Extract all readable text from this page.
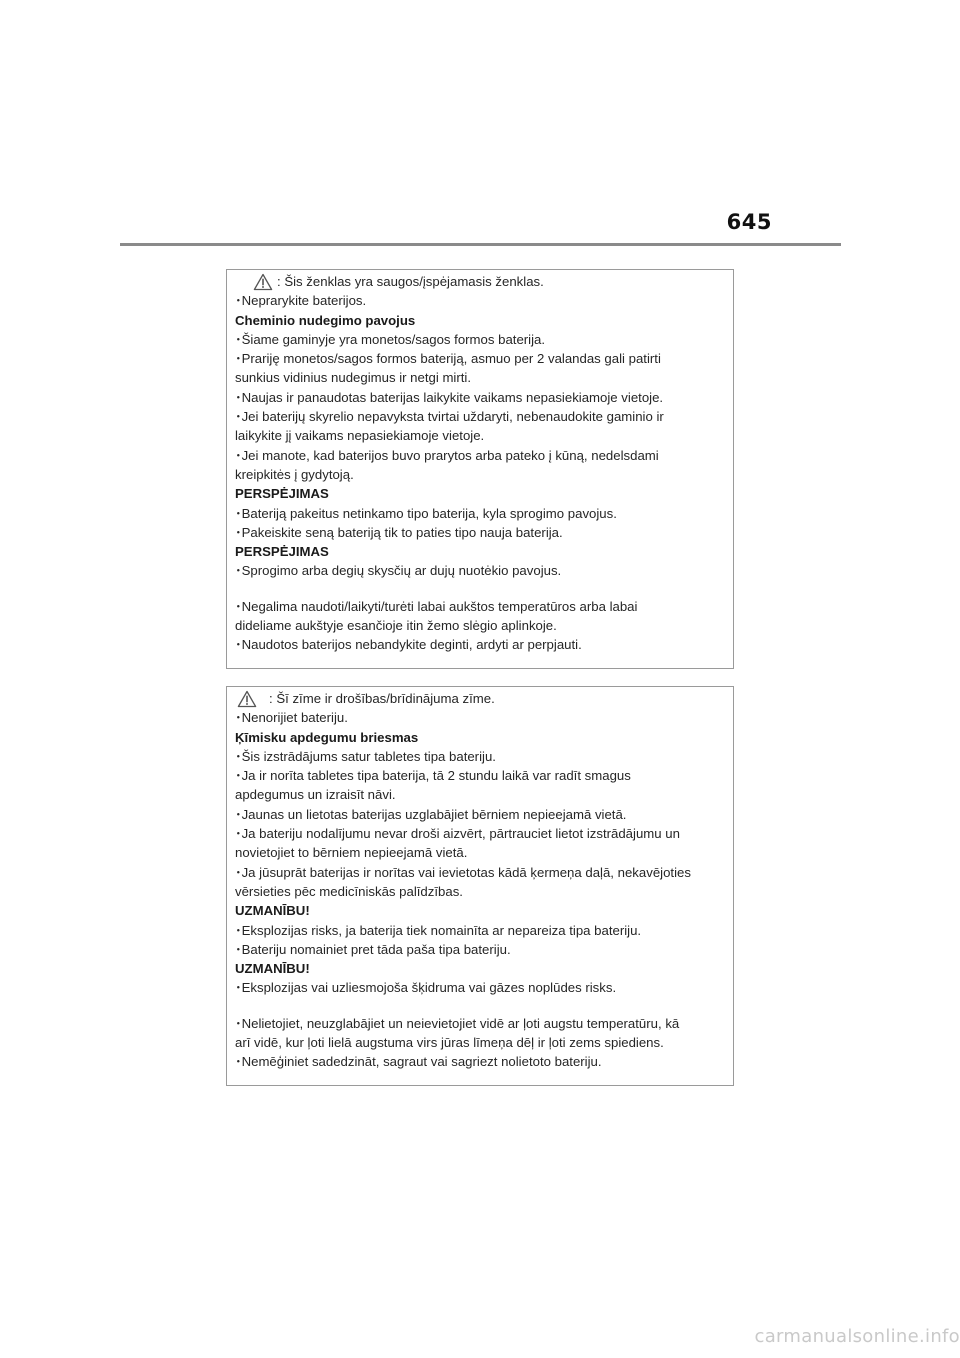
645
: Šis ženklas yra saugos/įspėjamasis ženklas.
･Neprarykite baterijos.
Cheminio nudegimo pavojus
･Šiame gaminyje yra monetos/sagos formos baterija.
･Prariję monetos/sagos formos bateriją, asmuo per 2 valandas gali patirti
sunkius vidinius nudegimus ir netgi mirti.
･Naujas ir panaudotas baterijas laikykite vaikams nepasiekiamoje vietoje.
･Jei baterijų skyrelio nepavyksta tvirtai uždaryti, nebenaudokite gaminio ir
laikykite jį vaikams nepasiekiamoje vietoje.
･Jei manote, kad baterijos buvo prarytos arba pateko į kūną, nedelsdami
kreipkitės į gydytoją.
PERSPĖJIMAS
･Bateriją pakeitus netinkamo tipo baterija, kyla sprogimo pavojus.
･Pakeiskite seną bateriją tik to paties tipo nauja baterija.
PERSPĖJIMAS
･Sprogimo arba degių skysčių ar dujų nuotėkio pavojus.
･Negalima naudoti/laikyti/turėti labai aukštos temperatūros arba labai
dideliame aukštyje esančioje itin žemo slėgio aplinkoje.
･Naudotos baterijos nebandykite deginti, ardyti ar perpjauti.
: Šī zīme ir drošības/brīdinājuma zīme.
･Nenorijiet bateriju.
Ķīmisku apdegumu briesmas
･Šis izstrādājums satur tabletes tipa bateriju.
･Ja ir norīta tabletes tipa baterija, tā 2 stundu laikā var radīt smagus
apdegumus un izraisīt nāvi.
･Jaunas un lietotas baterijas uzglabājiet bērniem nepieejamā vietā.
･Ja bateriju nodalījumu nevar droši aizvērt, pārtrauciet lietot izstrādājumu un
novietojiet to bērniem nepieejamā vietā.
･Ja jūsuprāt baterijas ir norītas vai ievietotas kādā ķermeņa daļā, nekavējoties
vērsieties pēc medicīniskās palīdzības.
UZMANĪBU!
･Eksplozijas risks, ja baterija tiek nomainīta ar nepareiza tipa bateriju.
･Bateriju nomainiet pret tāda paša tipa bateriju.
UZMANĪBU!
･Eksplozijas vai uzliesmojoša šķidruma vai gāzes noplūdes risks.
･Nelietojiet, neuzglabājiet un neievietojiet vidē ar ļoti augstu temperatūru, kā
arī vidē, kur ļoti lielā augstuma virs jūras līmeņa dēļ ir ļoti zems spiediens.
･Nemēģiniet sadedzināt, sagraut vai sagriezt nolietoto bateriju.
carmanualsonline.info
